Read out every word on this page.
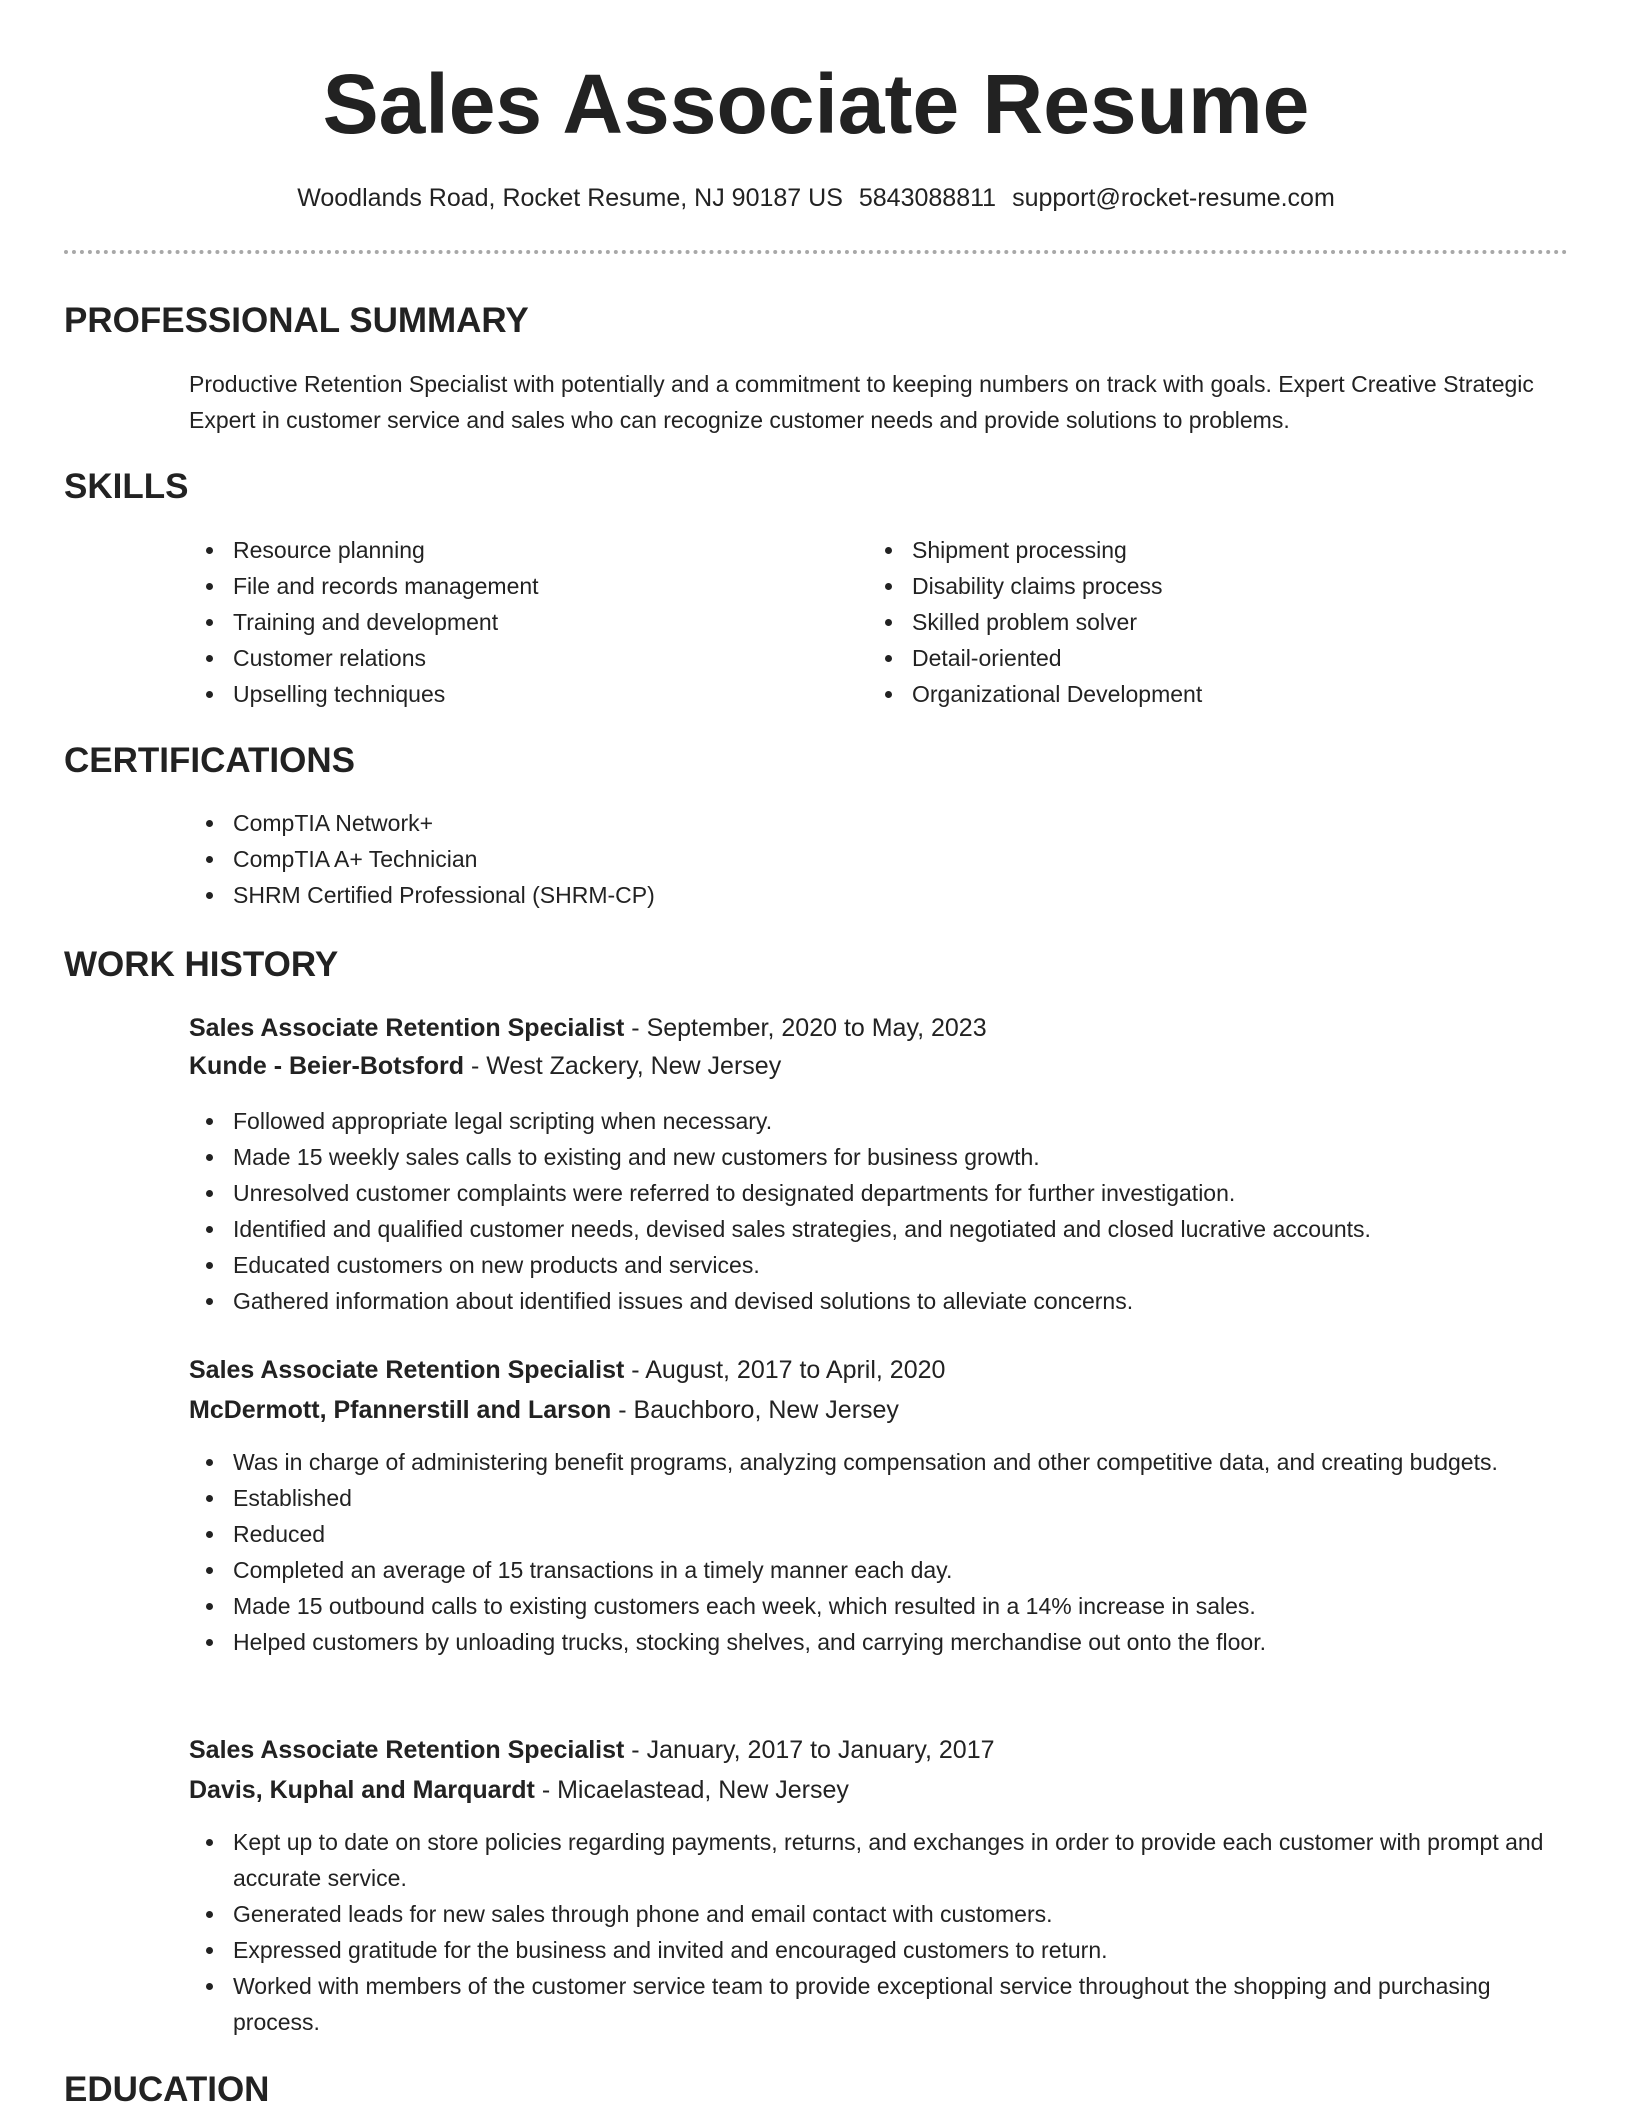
Sales Associate Resume
Woodlands Road, Rocket Resume, NJ 90187 US 5843088811 support@rocket-resume.com
PROFESSIONAL SUMMARY

Productive Retention Specialist with potentially and a commitment to keeping numbers on track with goals. Expert Creative Strategic Expert in customer service and sales who can recognize customer needs and provide solutions to problems.

SKILLS
Resource planning
File and records management
Training and development
Customer relations
Upselling techniques
Shipment processing
Disability claims process
Skilled problem solver
Detail-oriented
Organizational Development
CERTIFICATIONS
CompTIA Network+
CompTIA A+ Technician
SHRM Certified Professional (SHRM-CP)
WORK HISTORY
Sales Associate Retention Specialist - September, 2020 to May, 2023
Kunde - Beier-Botsford - West Zackery, New Jersey
Followed appropriate legal scripting when necessary.
Made 15 weekly sales calls to existing and new customers for business growth.
Unresolved customer complaints were referred to designated departments for further investigation.
Identified and qualified customer needs, devised sales strategies, and negotiated and closed lucrative accounts.
Educated customers on new products and services.
Gathered information about identified issues and devised solutions to alleviate concerns.
Sales Associate Retention Specialist - August, 2017 to April, 2020
McDermott, Pfannerstill and Larson - Bauchboro, New Jersey
Was in charge of administering benefit programs, analyzing compensation and other competitive data, and creating budgets.
Established
Reduced
Completed an average of 15 transactions in a timely manner each day.
Made 15 outbound calls to existing customers each week, which resulted in a 14% increase in sales.
Helped customers by unloading trucks, stocking shelves, and carrying merchandise out onto the floor.
Sales Associate Retention Specialist - January, 2017 to January, 2017
Davis, Kuphal and Marquardt - Micaelastead, New Jersey
Kept up to date on store policies regarding payments, returns, and exchanges in order to provide each customer with prompt and accurate service.
Generated leads for new sales through phone and email contact with customers.
Expressed gratitude for the business and invited and encouraged customers to return.
Worked with members of the customer service team to provide exceptional service throughout the shopping and purchasing process.
EDUCATION
